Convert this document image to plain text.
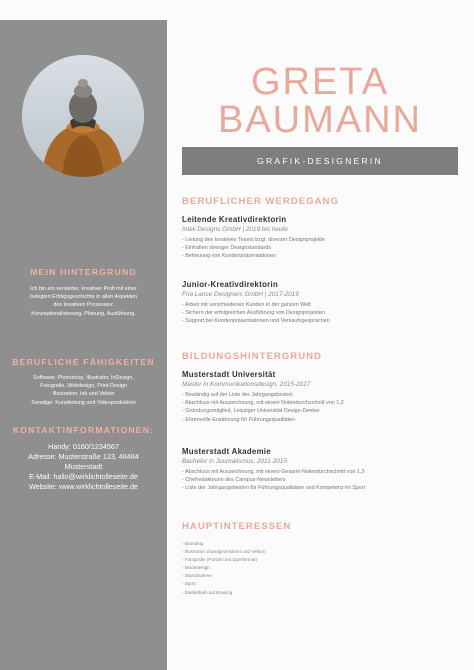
MEIN HINTERGRUND
Ich bin ein versierter, kreativer Profi mit einer
belegten Erfolgsgeschichte in allen Aspekten
des kreativen Prozesses:
Konzeptionalisierung, Planung, Ausführung.
BERUFLICHE FÄHIGKEITEN
Software: Photoshop, Illustrator, InDesign,
Fotografie, Webdesign, Print-Design
Illustration: Ink und Vektor
Sonstige: Kunstleitung und Videoproduktion
KONTAKTINFORMATIONEN:
Handy: 0160/1234567
Adresse: Musterstraße 123, 48484
Musterstadt
E-Mail: hallo@wirklichtolleseite.de
Website: www.wirklichtolleseite.de
GRETA
BAUMANN
GRAFIK-DESIGNERIN
BERUFLICHER WERDEGANG
Leitende Kreativdirektorin
Inteli Designs GmbH | 2019 bis heute
- Leitung des kreativen Teams bzgl. diverser Designprojekte
- Einhalten strenger Designstandards
- Betreuung von Kundenpräsentationen
Junior-Kreativdirektorin
Fria Lance Designers GmbH | 2017-2019
- Arbeit mit verschiedenen Kunden in der ganzen Welt
- Sichern der erfolgreichen Ausführung von Designprojekten
- Support bei Kundenpräsentationen und Verkaufsgesprächen
BILDUNGSHINTERGRUND
Musterstadt Universität
Master in Kommunikationsdesign, 2015-2017
- Beständig auf der Liste der Jahrgangsbesten
- Abschluss mit Auszeichnung, mit einem Notendurchschnitt von 1,2
- Gründungsmitglied, Leipziger Universität Design-Denker
- Ehrenvolle Erwähnung für Führungsqualitäten
Musterstadt Akademie
Bachelor in Journalismus, 2011-2015
- Abschluss mit Auszeichnung, mit einem Gesamt-Notendurchschnitt von 1,3
- Chefredakteurin des Campus-Newsletters
- Liste der Jahrgangsbesten für Führungsqualitäten und Kompetenz im Sport
HAUPTINTERESSEN
- Branding
- Illustration (handgezeichnet und Vektor)
- Fotografie (Porträt und Querformat)
- Modedesign
- Wandmalerei
- Sport
- Basketball und Bowling
